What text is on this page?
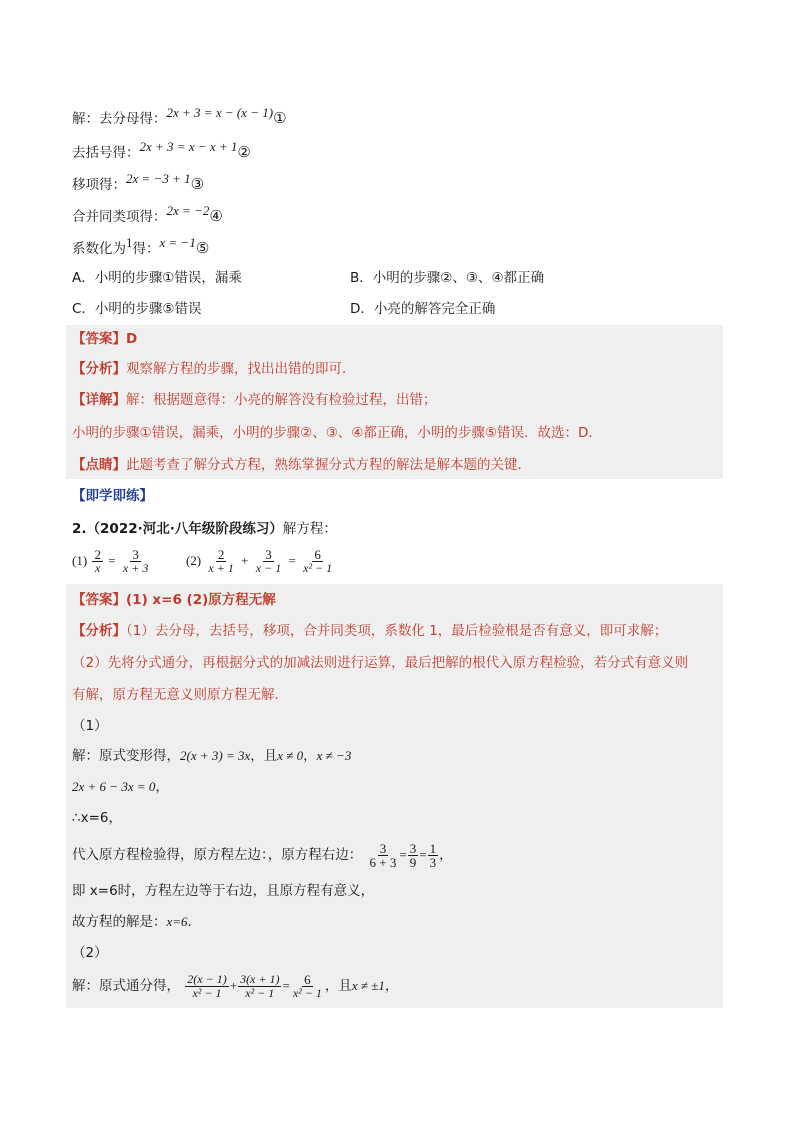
解：去分母得：2x + 3 = x − (x − 1)①
去括号得：2x + 3 = x − x + 1②
移项得：2x = −3 + 1③
合并同类项得：2x = −2④
系数化为1得：x = −1⑤
A．小明的步骤①错误，漏乘	B．小明的步骤②、③、④都正确
C．小明的步骤⑤错误	D．小亮的解答完全正确
【答案】D
【分析】观察解方程的步骤，找出出错的即可．
【详解】解：根据题意得：小亮的解答没有检验过程，出错；
小明的步骤①错误，漏乘，小明的步骤②、③、④都正确，小明的步骤⑤错误．故选：D．
【点睛】此题考查了解分式方程，熟练掌握分式方程的解法是解本题的关键．
【即学即练】
2.（2022·河北·八年级阶段练习）解方程：
$(1) \frac{2}{x} = \frac{3}{x + 3}$	$(2) \frac{2}{x + 1} + \frac{3}{x - 1} = \frac{6}{\text{x² − 1}}$
【答案】(1) x=6 (2)原方程无解
【分析】（1）去分母，去括号，移项，合并同类项，系数化 1，最后检验根是否有意义，即可求解；
（2）先将分式通分，再根据分式的加减法则进行运算，最后把解的根代入原方程检验，若分式有意义则
有解，原方程无意义则原方程无解．
（1）
解：原式变形得，2(x + 3) = 3x，且x ≠ 0，x ≠ −3
2x + 6 − 3x = 0，
∴x=6，
代入原方程检验得，原方程左边：，原方程右边： $\frac{3}{6 + 3} = \frac{3}{9} = \frac{1}{3}$ ，
即 x=6时，方程左边等于右边，且原方程有意义，
故方程的解是：x=6．
（2）
解：原式通分得， $\frac{2(x - 1)}{\text{x² − 1}} + \frac{3(x + 1)}{\text{x² − 1}} = \frac{6}{\text{x² − 1}}$ ，且x ≠ ±1，
